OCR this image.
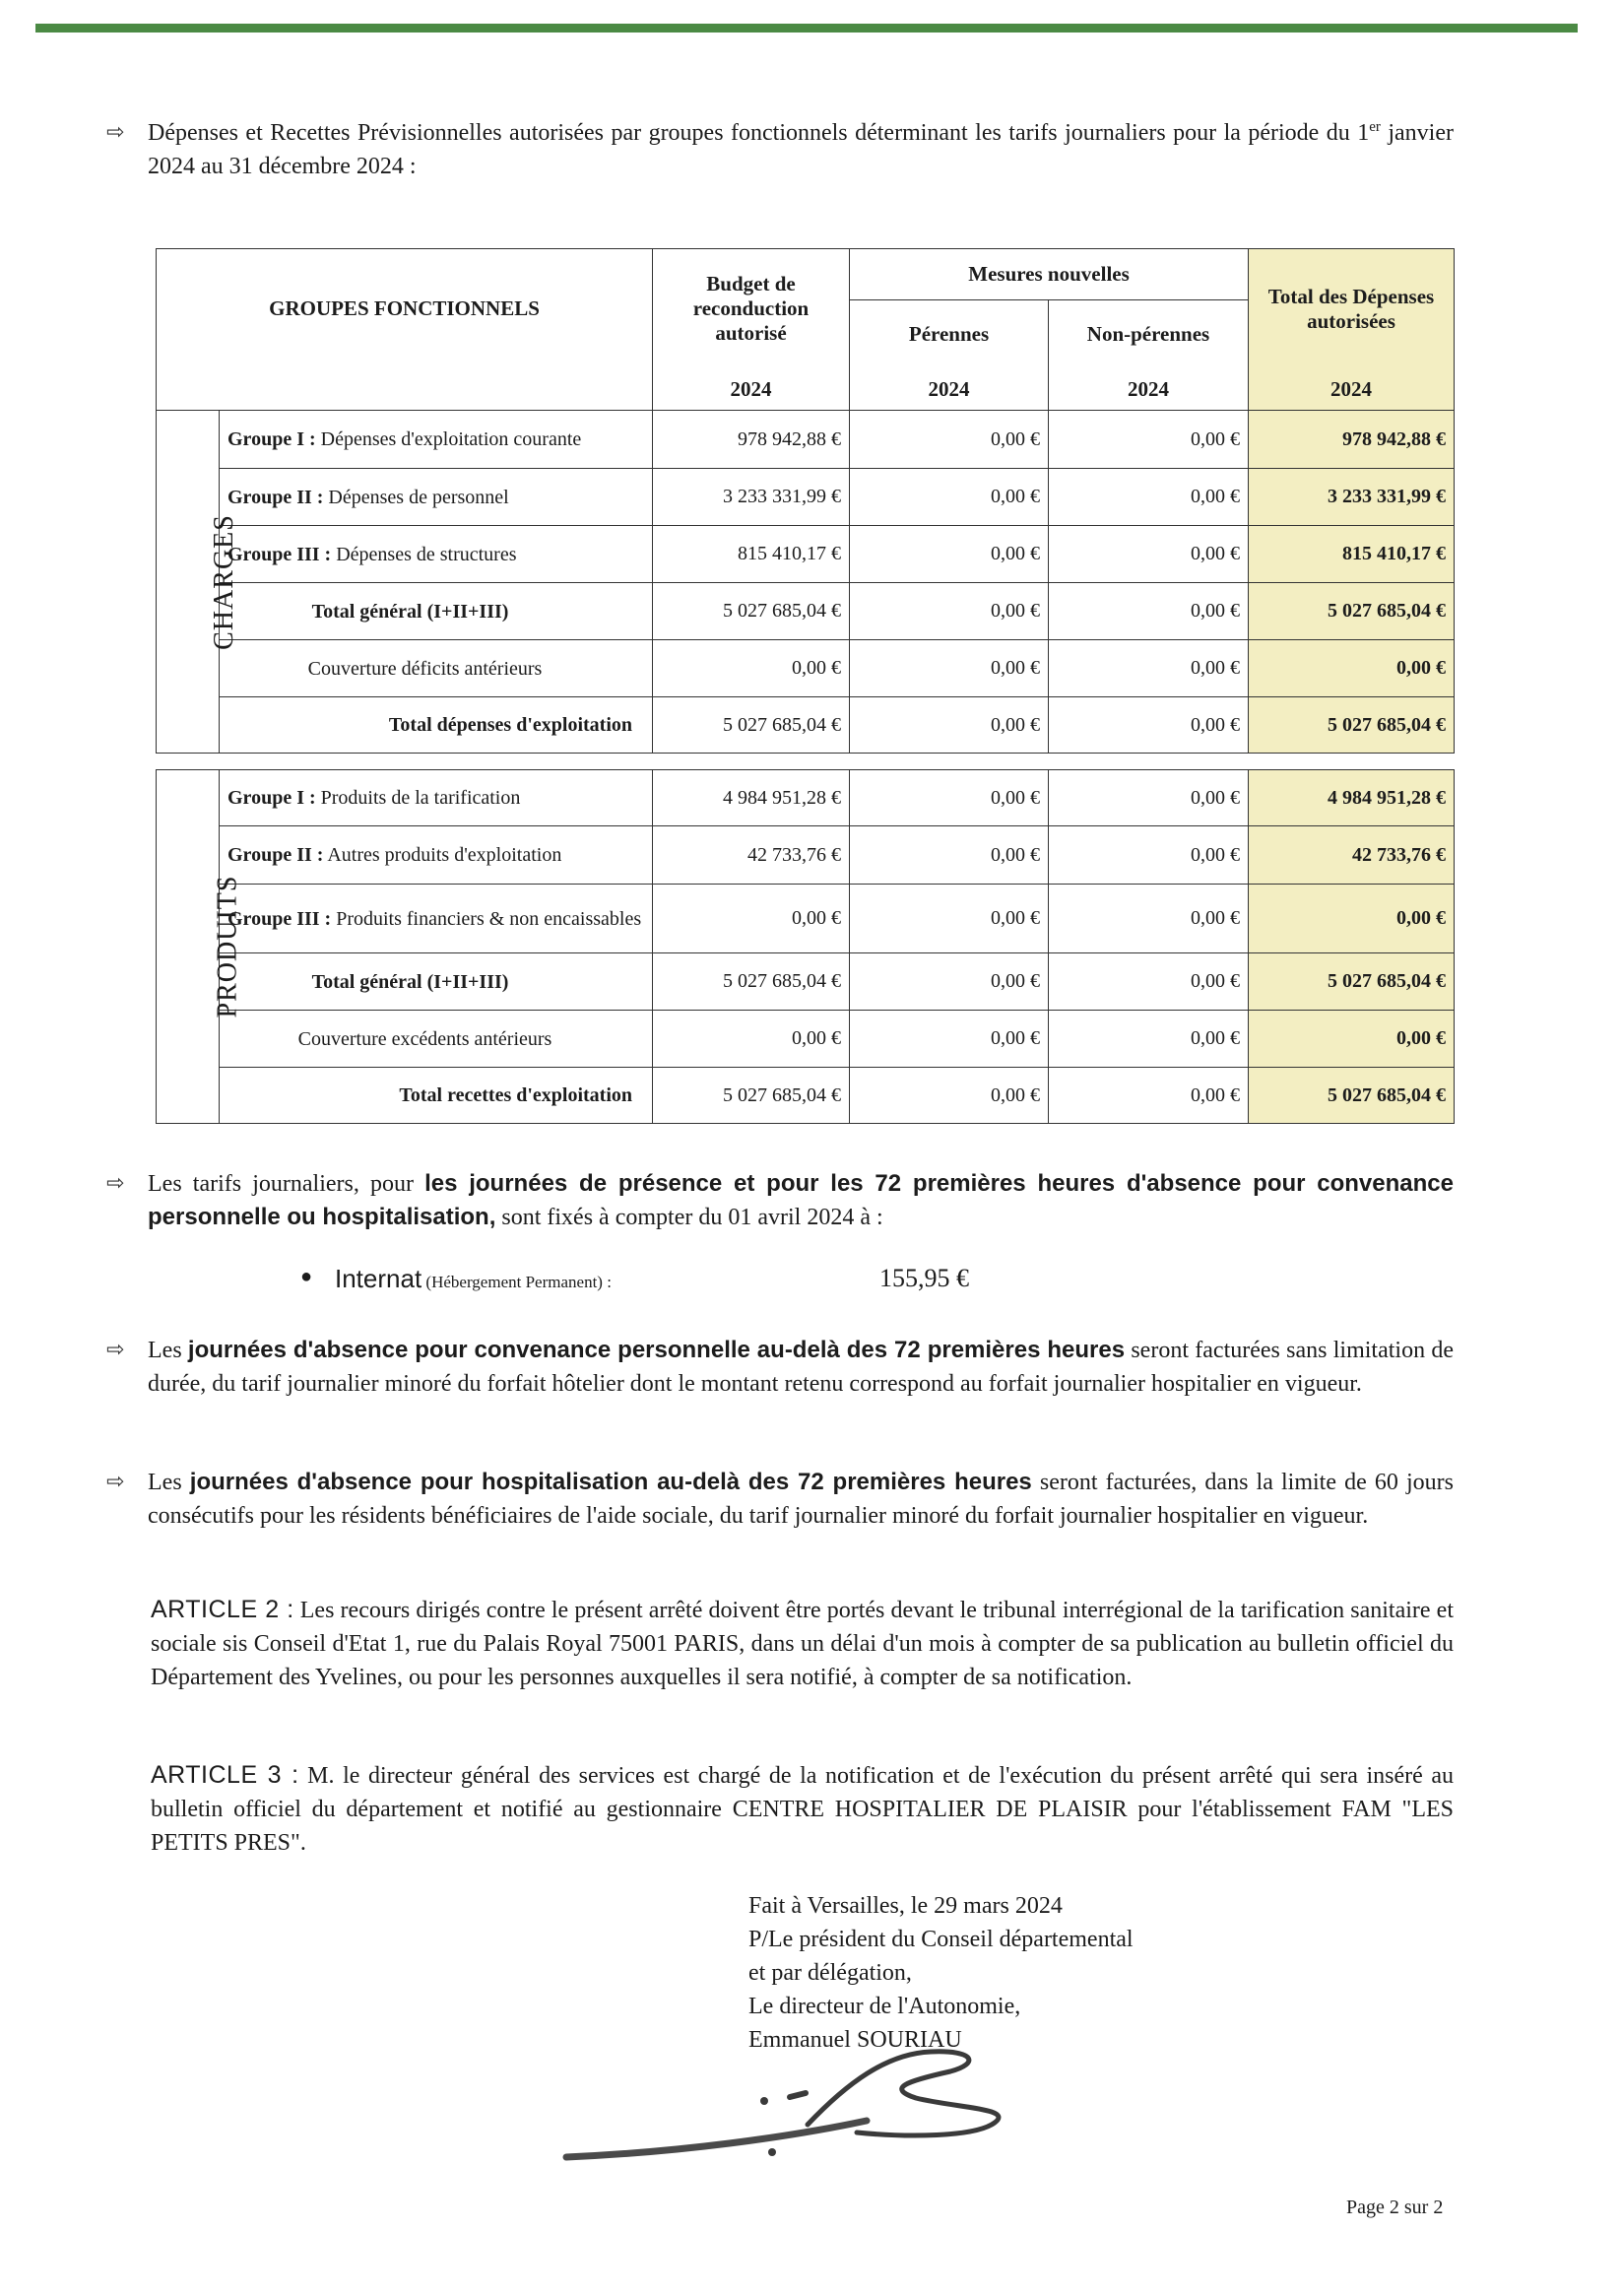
⇨ Dépenses et Recettes Prévisionnelles autorisées par groupes fonctionnels déterminant les tarifs journaliers pour la période du 1er janvier 2024 au 31 décembre 2024 :
GROUPES FONCTIONNELS		Budget de reconduction autorisé	Mesures nouvelles		Total des Dépenses autorisées
			Pérennes	Non-pérennes	
		2024	2024	2024	2024
CHARGES	Groupe I : Dépenses d'exploitation courante	978 942,88 €	0,00 €	0,00 €	978 942,88 €
	Groupe II : Dépenses de personnel	3 233 331,99 €	0,00 €	0,00 €	3 233 331,99 €
	Groupe III : Dépenses de structures	815 410,17 €	0,00 €	0,00 €	815 410,17 €
	Total général (I+II+III)	5 027 685,04 €	0,00 €	0,00 €	5 027 685,04 €
	Couverture déficits antérieurs	0,00 €	0,00 €	0,00 €	0,00 €
	Total dépenses d'exploitation	5 027 685,04 €	0,00 €	0,00 €	5 027 685,04 €

PRODUITS	Groupe I : Produits de la tarification	4 984 951,28 €	0,00 €	0,00 €	4 984 951,28 €
	Groupe II : Autres produits d'exploitation	42 733,76 €	0,00 €	0,00 €	42 733,76 €
	Groupe III : Produits financiers & non encaissables	0,00 €	0,00 €	0,00 €	0,00 €
	Total général (I+II+III)	5 027 685,04 €	0,00 €	0,00 €	5 027 685,04 €
	Couverture excédents antérieurs	0,00 €	0,00 €	0,00 €	0,00 €
	Total recettes d'exploitation	5 027 685,04 €	0,00 €	0,00 €	5 027 685,04 €
⇨ Les tarifs journaliers, pour les journées de présence et pour les 72 premières heures d'absence pour convenance personnelle ou hospitalisation, sont fixés à compter du 01 avril 2024 à :
● Internat (Hébergement Permanent) :	155,95 €
⇨ Les journées d'absence pour convenance personnelle au-delà des 72 premières heures seront facturées sans limitation de durée, du tarif journalier minoré du forfait hôtelier dont le montant retenu correspond au forfait journalier hospitalier en vigueur.
⇨ Les journées d'absence pour hospitalisation au-delà des 72 premières heures seront facturées, dans la limite de 60 jours consécutifs pour les résidents bénéficiaires de l'aide sociale, du tarif journalier minoré du forfait journalier hospitalier en vigueur.
ARTICLE 2 : Les recours dirigés contre le présent arrêté doivent être portés devant le tribunal interrégional de la tarification sanitaire et sociale sis Conseil d'Etat 1, rue du Palais Royal 75001 PARIS, dans un délai d'un mois à compter de sa publication au bulletin officiel du Département des Yvelines, ou pour les personnes auxquelles il sera notifié, à compter de sa notification.
ARTICLE 3 : M. le directeur général des services est chargé de la notification et de l'exécution du présent arrêté qui sera inséré au bulletin officiel du département et notifié au gestionnaire CENTRE HOSPITALIER DE PLAISIR pour l'établissement FAM "LES PETITS PRES".
Fait à Versailles, le 29 mars 2024
P/Le président du Conseil départemental
et par délégation,
Le directeur de l'Autonomie,
Emmanuel SOURIAU
Page 2 sur 2
